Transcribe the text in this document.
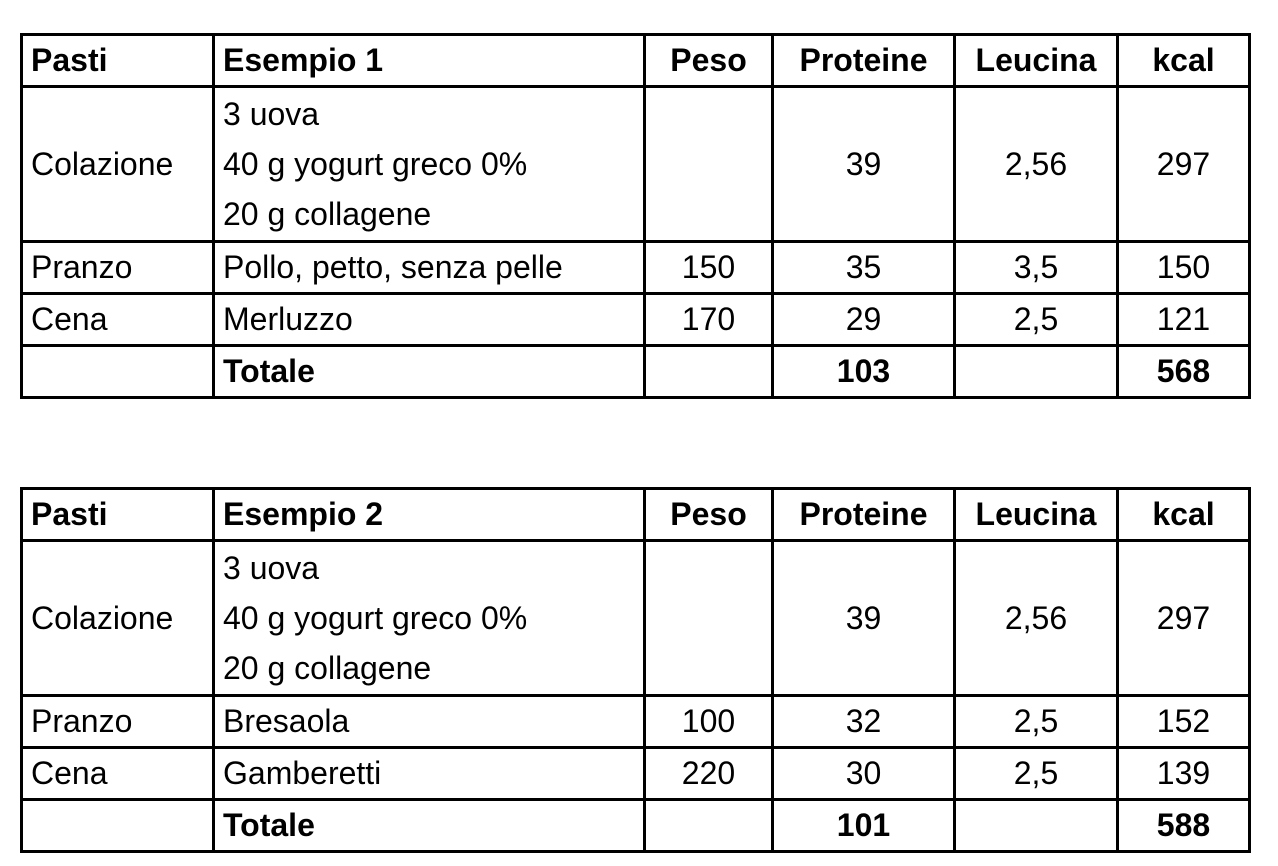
Pasti	Esempio 1	Peso	Proteine	Leucina	kcal
Colazione	3 uova
40 g yogurt greco 0%
20 g collagene		39	2,56	297
Pranzo	Pollo, petto, senza pelle	150	35	3,5	150
Cena	Merluzzo	170	29	2,5	121
	Totale		103		568
Pasti	Esempio 2	Peso	Proteine	Leucina	kcal
Colazione	3 uova
40 g yogurt greco 0%
20 g collagene		39	2,56	297
Pranzo	Bresaola	100	32	2,5	152
Cena	Gamberetti	220	30	2,5	139
	Totale		101		588
